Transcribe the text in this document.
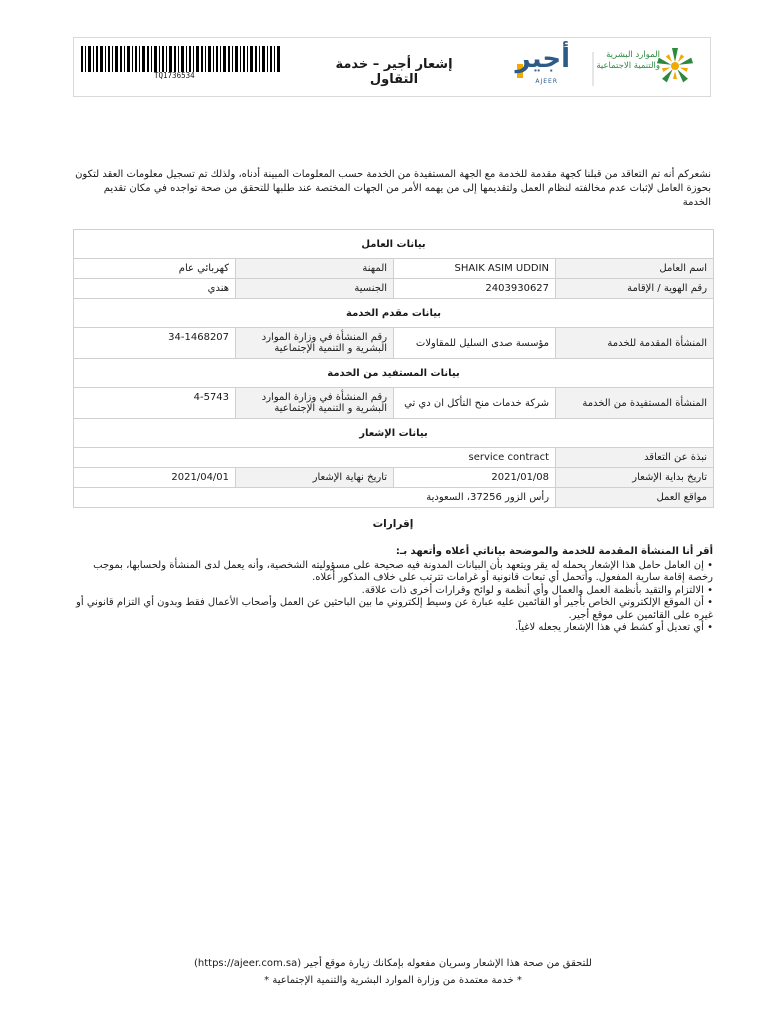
الموارد البشرية والتنمية الاجتماعية
أجير
AJEER
إشعار أجير – خدمة التقاول
TQ1736534
نشعركم أنه تم التعاقد من قبلنا كجهة مقدمة للخدمة مع الجهة المستفيدة من الخدمة حسب المعلومات المبينة أدناه، ولذلك تم تسجيل معلومات العقد لتكون بحوزة العامل لإثبات عدم مخالفته لنظام العمل ولتقديمها إلى من يهمه الأمر من الجهات المختصة عند طلبها للتحقق من صحة تواجده في مكان تقديم الخدمة
بيانات العامل			
اسم العامل	SHAIK ASIM UDDIN	المهنة	كهربائي عام
رقم الهوية / الإقامة	2403930627	الجنسية	هندي
بيانات مقدم الخدمة			
المنشأة المقدمة للخدمة	مؤسسة صدى السليل للمقاولات	رقم المنشأة في وزارة الموارد البشرية و التنمية الإجتماعية	34-1468207
بيانات المستفيد من الخدمة			
المنشأة المستفيدة من الخدمة	شركة خدمات منح التأكل ان دي تي	رقم المنشأة في وزارة الموارد البشرية و التنمية الإجتماعية	4-5743
بيانات الإشعار			
نبذة عن التعاقد	service contract		
تاريخ بداية الإشعار	2021/01/08	تاريخ نهاية الإشعار	2021/04/01
مواقع العمل	رأس الزور 37256، السعودية		
إقرارات
أقر أنا المنشأة المقدمة للخدمة والموضحة بياناتي أعلاه وأتعهد بـ:
• إن العامل حامل هذا الإشعار يحمله له يقر ويتعهد بأن البيانات المدونة فيه صحيحة على مسؤوليته الشخصية، وأنه يعمل لدى المنشأة ولحسابها، بموجب رخصة إقامة سارية المفعول. وأتحمل أي تبعات قانونية أو غرامات تترتب على خلاف المذكور أعلاه.
• الالتزام والتقيد بأنظمة العمل والعمال وأي أنظمة و لوائح وقرارات أخرى ذات علاقة.
• أن الموقع الإلكتروني الخاص بأجير أو القائمين عليه عبارة عن وسيط إلكتروني ما بين الباحثين عن العمل وأصحاب الأعمال فقط وبدون أي التزام قانوني أو غيره على القائمين على موقع أجير.
• أي تعديل أو كشط في هذا الإشعار يجعله لاغياً.
للتحقق من صحة هذا الإشعار وسريان مفعوله بإمكانك زيارة موقع أجير (https://ajeer.com.sa)
* خدمة معتمدة من وزارة الموارد البشرية والتنمية الإجتماعية *
